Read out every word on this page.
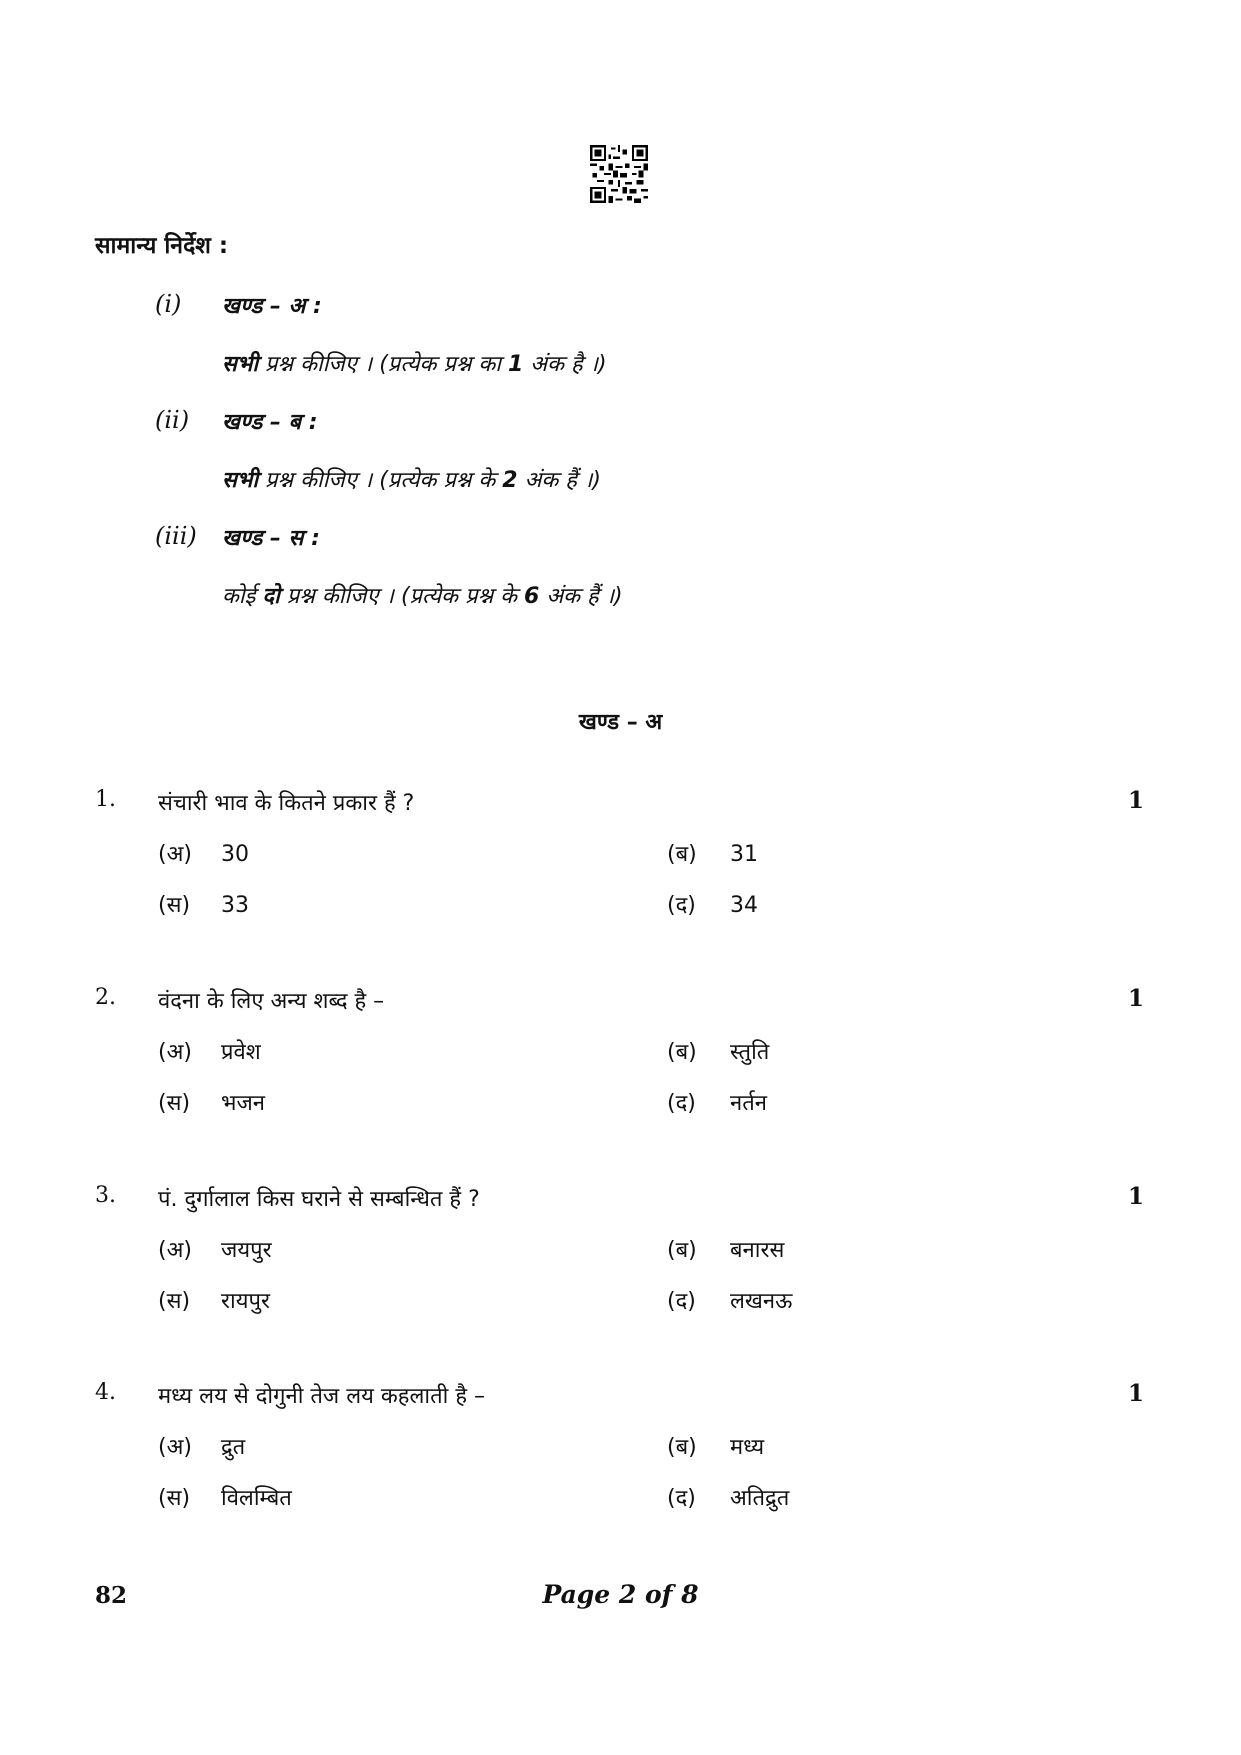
सामान्य निर्देश :
(i) खण्ड – अ :
सभी प्रश्न कीजिए । (प्रत्येक प्रश्न का 1 अंक है ।)
(ii) खण्ड – ब :
सभी प्रश्न कीजिए । (प्रत्येक प्रश्न के 2 अंक हैं ।)
(iii) खण्ड – स :
कोई दो प्रश्न कीजिए । (प्रत्येक प्रश्न के 6 अंक हैं ।)
खण्ड – अ
1. संचारी भाव के कितने प्रकार हैं ?	1
(अ) 30	(ब) 31
(स) 33	(द) 34
2. वंदना के लिए अन्य शब्द है –	1
(अ) प्रवेश	(ब) स्तुति
(स) भजन	(द) नर्तन
3. पं. दुर्गालाल किस घराने से सम्बन्धित हैं ?	1
(अ) जयपुर	(ब) बनारस
(स) रायपुर	(द) लखनऊ
4. मध्य लय से दोगुनी तेज लय कहलाती है –	1
(अ) द्रुत	(ब) मध्य
(स) विलम्बित	(द) अतिद्रुत
82	Page 2 of 8
